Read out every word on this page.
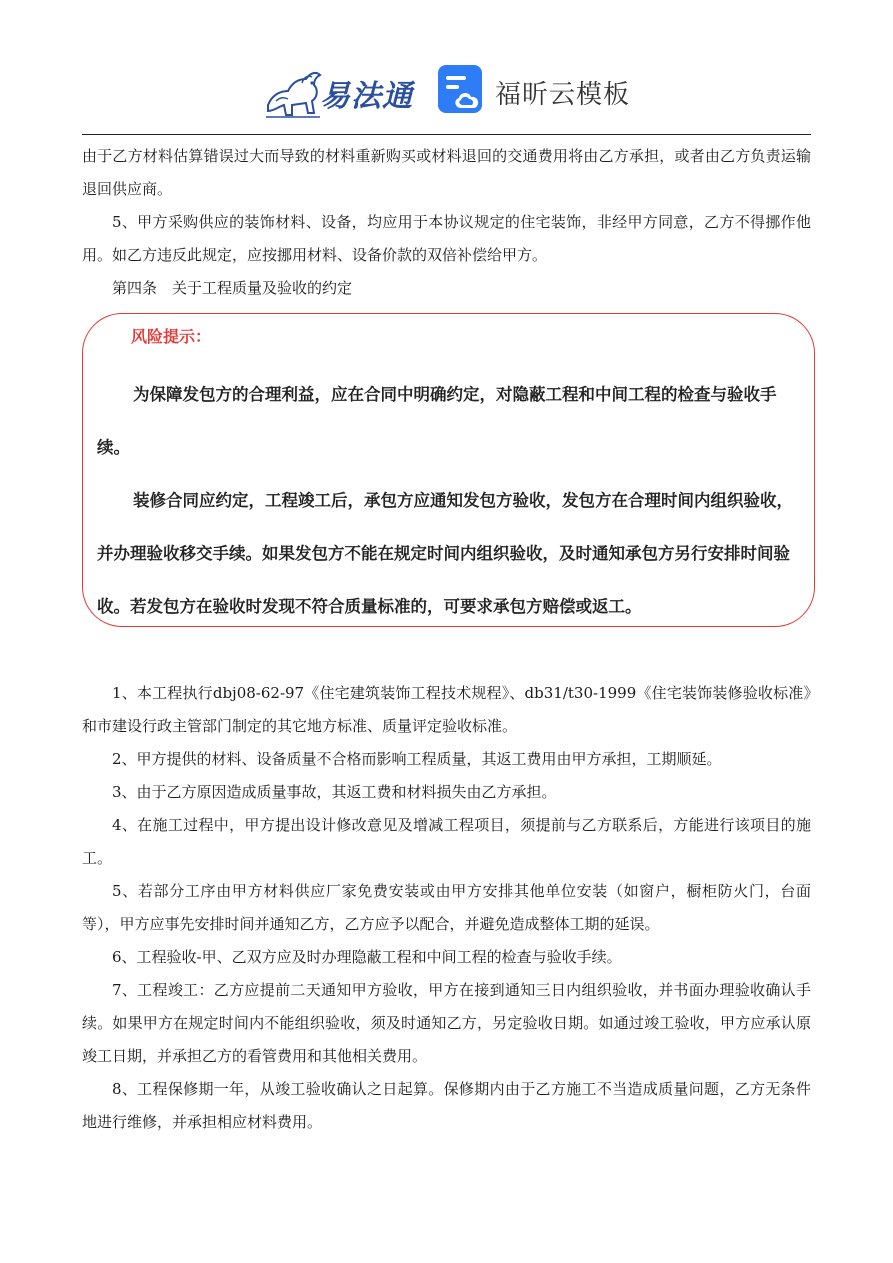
易法通	福昕云模板

由于乙方材料估算错误过大而导致的材料重新购买或材料退回的交通费用将由乙方承担，或者由乙方负责运输退回供应商。

5、甲方采购供应的装饰材料、设备，均应用于本协议规定的住宅装饰，非经甲方同意，乙方不得挪作他用。如乙方违反此规定，应按挪用材料、设备价款的双倍补偿给甲方。

第四条　关于工程质量及验收的约定

风险提示：

为保障发包方的合理利益，应在合同中明确约定，对隐蔽工程和中间工程的检查与验收手续。

装修合同应约定，工程竣工后，承包方应通知发包方验收，发包方在合理时间内组织验收，并办理验收移交手续。如果发包方不能在规定时间内组织验收，及时通知承包方另行安排时间验收。若发包方在验收时发现不符合质量标准的，可要求承包方赔偿或返工。

1、本工程执行dbj08-62-97《住宅建筑装饰工程技术规程》、db31/t30-1999《住宅装饰装修验收标准》和市建设行政主管部门制定的其它地方标准、质量评定验收标准。

2、甲方提供的材料、设备质量不合格而影响工程质量，其返工费用由甲方承担，工期顺延。

3、由于乙方原因造成质量事故，其返工费和材料损失由乙方承担。

4、在施工过程中，甲方提出设计修改意见及增减工程项目，须提前与乙方联系后，方能进行该项目的施工。

5、若部分工序由甲方材料供应厂家免费安装或由甲方安排其他单位安装（如窗户，橱柜防火门，台面等），甲方应事先安排时间并通知乙方，乙方应予以配合，并避免造成整体工期的延误。

6、工程验收-甲、乙双方应及时办理隐蔽工程和中间工程的检查与验收手续。

7、工程竣工：乙方应提前二天通知甲方验收，甲方在接到通知三日内组织验收，并书面办理验收确认手续。如果甲方在规定时间内不能组织验收，须及时通知乙方，另定验收日期。如通过竣工验收，甲方应承认原竣工日期，并承担乙方的看管费用和其他相关费用。

8、工程保修期一年，从竣工验收确认之日起算。保修期内由于乙方施工不当造成质量问题，乙方无条件地进行维修，并承担相应材料费用。
